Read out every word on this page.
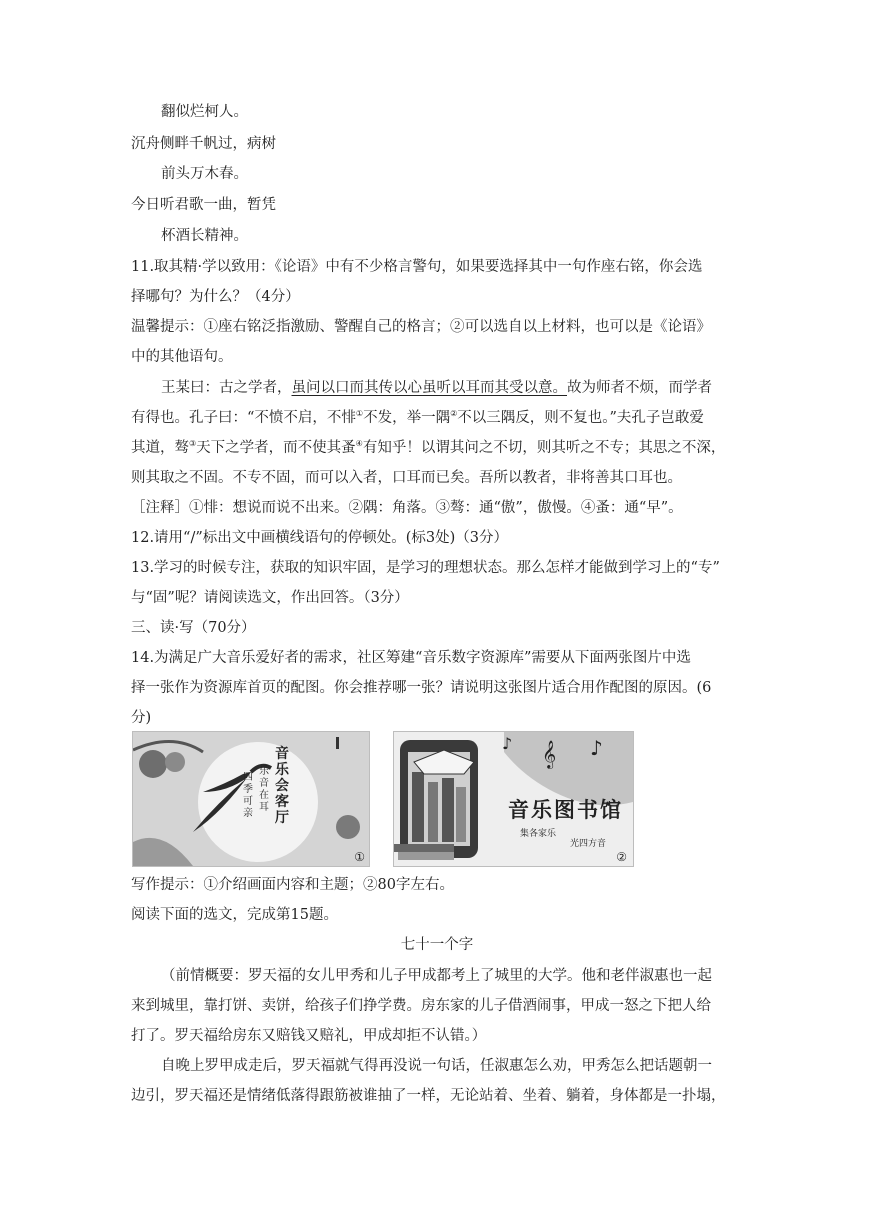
翻似烂柯人。
沉舟侧畔千帆过，病树
前头万木春。
今日听君歌一曲，暂凭
杯酒长精神。
11.取其精·学以致用：《论语》中有不少格言警句，如果要选择其中一句作座右铭，你会选
择哪句？为什么？（4分）
温馨提示：①座右铭泛指激励、警醒自己的格言；②可以选自以上材料，也可以是《论语》
中的其他语句。
王某曰：古之学者，虽问以口而其传以心虽听以耳而其受以意。故为师者不烦，而学者
有得也。孔子曰：“不愤不启，不悱①不发，举一隅②不以三隅反，则不复也。”夫孔子岂敢爱
其道，骜③天下之学者，而不使其蚤④有知乎！以谓其问之不切，则其听之不专；其思之不深，
则其取之不固。不专不固，而可以入者，口耳而已矣。吾所以教者，非将善其口耳也。
［注释］①悱：想说而说不出来。②隅：角落。③骜：通“傲”，傲慢。④蚤：通“早”。
12.请用“/”标出文中画横线语句的停顿处。(标3处)（3分）
13.学习的时候专注，获取的知识牢固，是学习的理想状态。那么怎样才能做到学习上的“专”
与“固”呢？请阅读选文，作出回答。（3分）
三、读·写（70分）
14.为满足广大音乐爱好者的需求，社区筹建“音乐数字资源库”需要从下面两张图片中选
择一张作为资源库首页的配图。你会推荐哪一张？请说明这张图片适合用作配图的原因。(6
分)
音乐会客厅
乐音在耳
四季可亲
①
♪ 𝄞 ♪
音乐图书馆
集各家乐
光四方音
②
写作提示：①介绍画面内容和主题；②80字左右。
阅读下面的选文，完成第15题。
七十一个字
（前情概要：罗天福的女儿甲秀和儿子甲成都考上了城里的大学。他和老伴淑惠也一起
来到城里，靠打饼、卖饼，给孩子们挣学费。房东家的儿子借酒闹事，甲成一怒之下把人给
打了。罗天福给房东又赔钱又赔礼，甲成却拒不认错。）
自晚上罗甲成走后，罗天福就气得再没说一句话，任淑惠怎么劝，甲秀怎么把话题朝一
边引，罗天福还是情绪低落得跟筋被谁抽了一样，无论站着、坐着、躺着，身体都是一扑塌，
